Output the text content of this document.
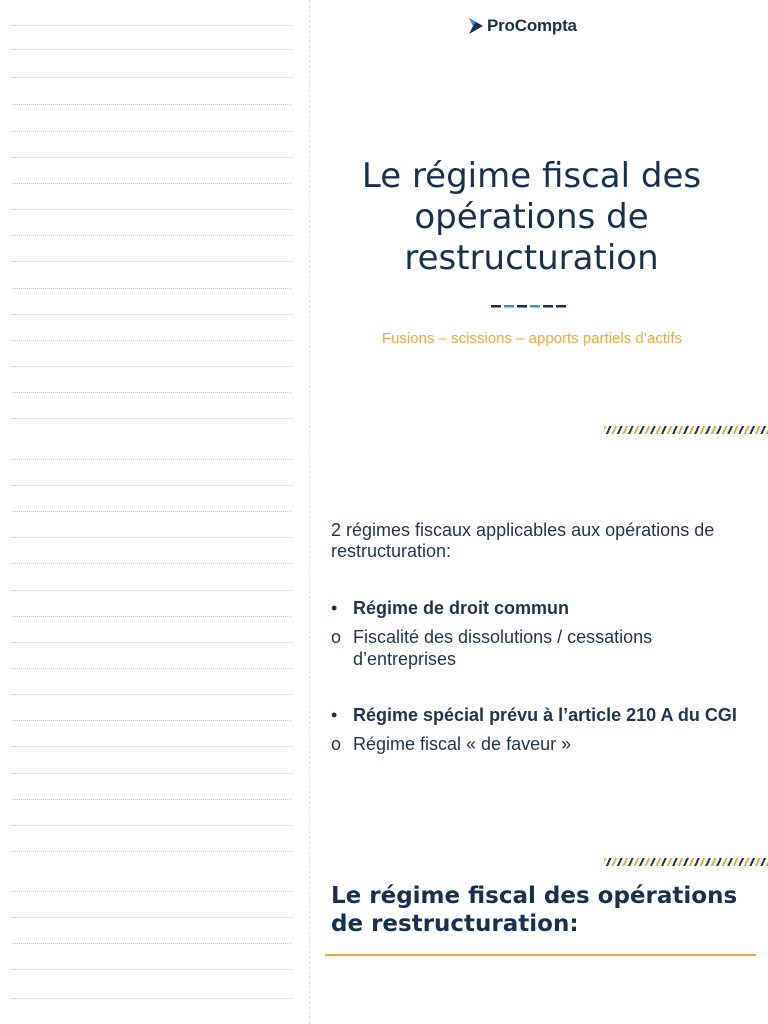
ProCompta
Le régime fiscal des opérations de restructuration

Fusions – scissions – apports partiels d’actifs

2 régimes fiscaux applicables aux opérations de restructuration:

• Régime de droit commun
o Fiscalité des dissolutions / cessations d’entreprises
• Régime spécial prévu à l’article 210 A du CGI
o Régime fiscal « de faveur »
Le régime fiscal des opérations de restructuration:
